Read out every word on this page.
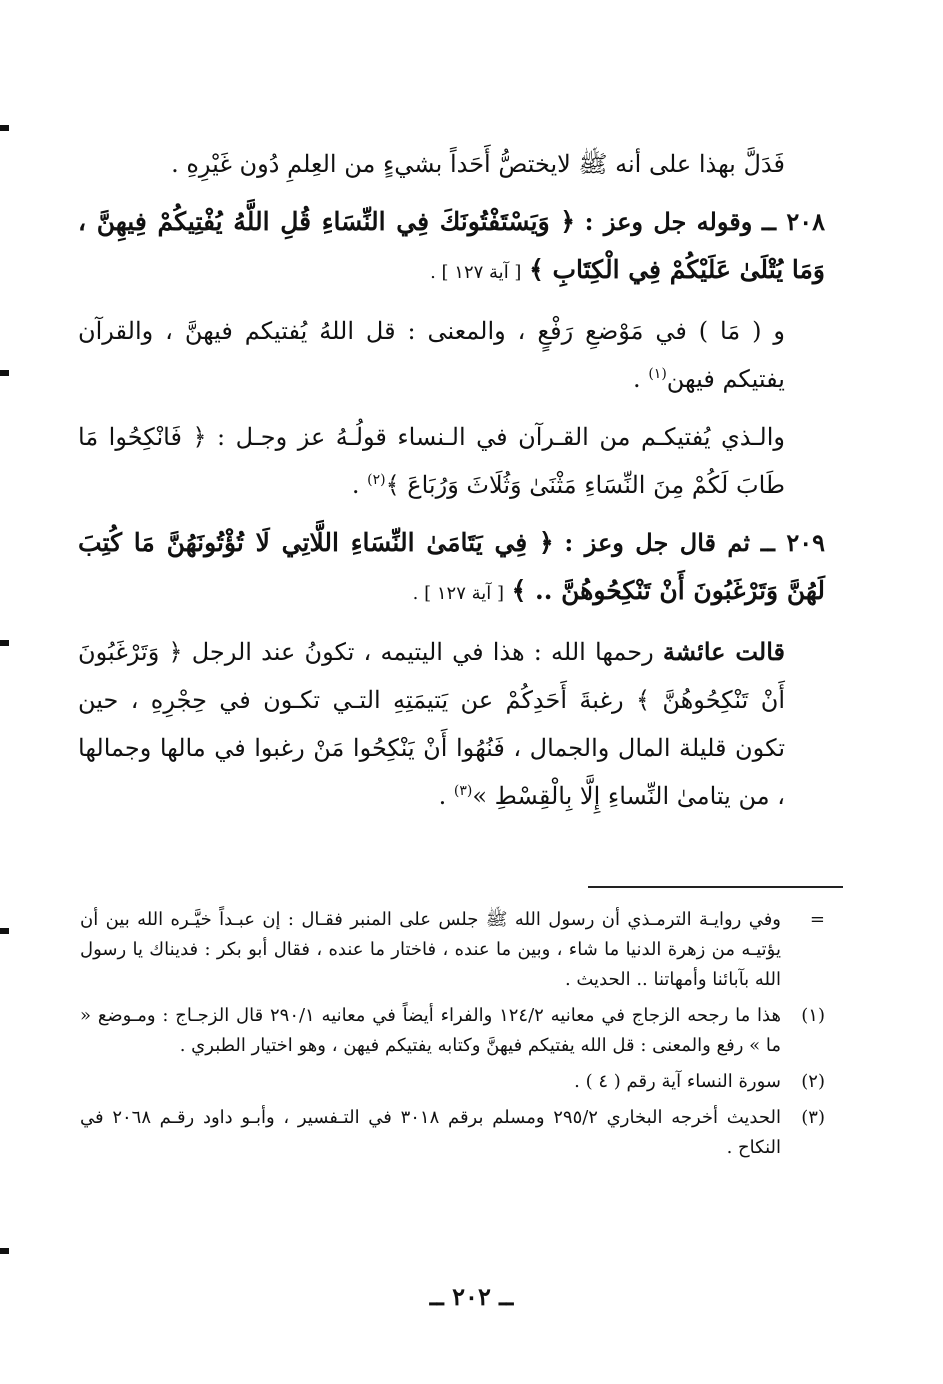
فَدَلَّ بهذا على أنه ﷺ لايختصُّ أَحَداً بشيءٍ من العِلمِ دُون غَيْرِهِ .

٢٠٨ ــ وقوله جل وعز : ﴿ وَيَسْتَفْتُونَكَ فِي النِّسَاءِ قُلِ اللَّهُ يُفْتِيكُمْ فِيهِنَّ ، وَمَا يُتْلَىٰ عَلَيْكُمْ فِي الْكِتَابِ ﴾ [ آية ١٢٧ ] .

و ( مَا ) في مَوْضعِ رَفْعٍ ، والمعنى : قل اللهُ يُفتيكم فيهنَّ ، والقرآن يفتيكم فيهن$^{(١)}$ .

والـذي يُفتيكـم من القـرآن في الـنساء قولُـهُ عز وجـل : ﴿ فَانْكِحُوا مَا طَابَ لَكُمْ مِنَ النِّسَاءِ مَثْنَىٰ وَثُلَاثَ وَرُبَاعَ ﴾$^{(٢)}$ .

٢٠٩ ــ ثم قال جل وعز : ﴿ فِي يَتَامَىٰ النِّسَاءِ اللَّاتِي لَا تُؤْتُونَهُنَّ مَا كُتِبَ لَهُنَّ وَتَرْغَبُونَ أَنْ تَنْكِحُوهُنَّ .. ﴾ [ آية ١٢٧ ] .

قالت عائشة رحمها الله : هذا في اليتيمه ، تكونُ عند الرجل ﴿ وَتَرْغَبُونَ أَنْ تَنْكِحُوهُنَّ ﴾ رغبةَ أَحَدِكُمْ عن يَتيمَتِهِ التـي تكـون في حِجْرِهِ ، حين تكون قليلة المال والجمال ، فَنُهُوا أَنْ يَنْكِحُوا مَنْ رغبوا في مالها وجمالها ، من يتامىٰ النِّساءِ إِلَّا بِالْقِسْطِ »$^{(٣)}$ .

=
وفي روايـة الترمـذي أن رسول الله ﷺ جلس على المنبر فقـال : إن عبـداً خيَّـره الله بين أن يؤتيـه من زهرة الدنيا ما شاء ، وبين ما عنده ، فاختار ما عنده ، فقال أبو بكر : فديناك يا رسول الله بآبائنا وأمهاتنا .. الحديث .
(١)
هذا ما رجحه الزجاج في معانيه ١٢٤/٢ والفراء أيضاً في معانيه ٢٩٠/١ قال الزجـاج : ومـوضع « ما » رفع والمعنى : قل الله يفتيكم فيهنَّ وكتابه يفتيكم فيهن ، وهو اختيار الطبري .
(٢)
سورة النساء آية رقم ( ٤ ) .
(٣)
الحديث أخرجه البخاري ٢٩٥/٢ ومسلم برقم ٣٠١٨ في التـفسير ، وأبـو داود رقـم ٢٠٦٨ في النكاح .
ــ ٢٠٢ ــ
